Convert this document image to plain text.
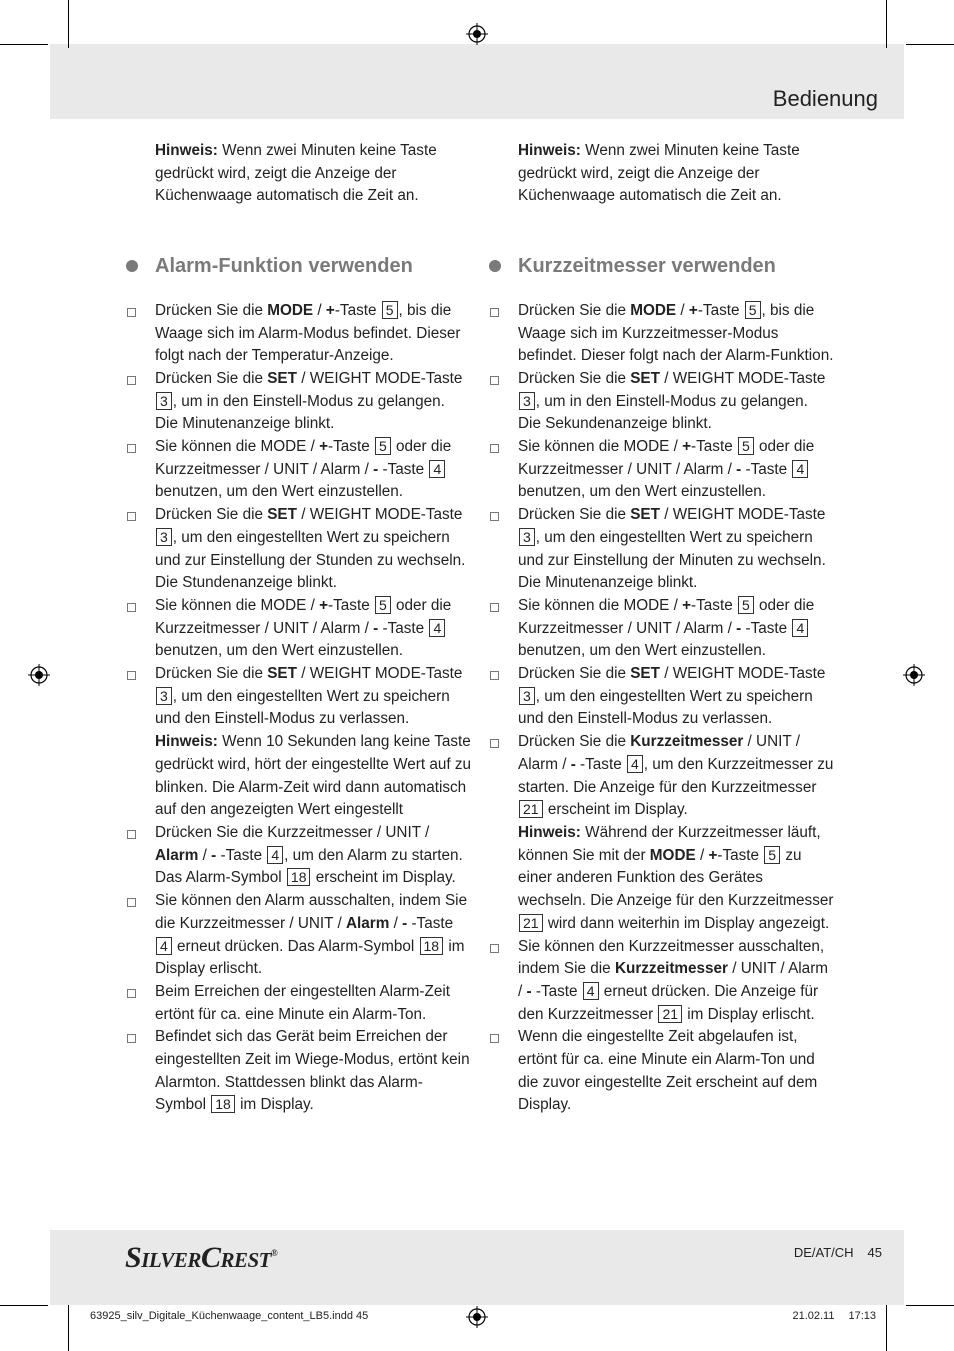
Bedienung

Hinweis: Wenn zwei Minuten keine Taste gedrückt wird, zeigt die Anzeige der Küchenwaage automatisch die Zeit an.

Alarm-Funktion verwenden
Drücken Sie die MODE / +-Taste 5 , bis die Waage sich im Alarm-Modus befindet. Dieser folgt nach der Temperatur-Anzeige.
Drücken Sie die SET / WEIGHT MODE-Taste 3 , um in den Einstell-Modus zu gelangen. Die Minutenanzeige blinkt.
Sie können die MODE / +-Taste 5 oder die Kurzzeitmesser / UNIT / Alarm / - -Taste 4 benutzen, um den Wert einzustellen.
Drücken Sie die SET / WEIGHT MODE-Taste 3 , um den eingestellten Wert zu speichern und zur Einstellung der Stunden zu wechseln. Die Stundenanzeige blinkt.
Sie können die MODE / +-Taste 5 oder die Kurzzeitmesser / UNIT / Alarm / - -Taste 4 benutzen, um den Wert einzustellen.
Drücken Sie die SET / WEIGHT MODE-Taste 3 , um den eingestellten Wert zu speichern und den Einstell-Modus zu verlassen.
Hinweis: Wenn 10 Sekunden lang keine Taste gedrückt wird, hört der eingestellte Wert auf zu blinken. Die Alarm-Zeit wird dann automatisch auf den angezeigten Wert eingestellt
Drücken Sie die Kurzzeitmesser / UNIT / Alarm / - -Taste 4 , um den Alarm zu starten. Das Alarm-Symbol 18 erscheint im Display.
Sie können den Alarm ausschalten, indem Sie die Kurzzeitmesser / UNIT / Alarm / - -Taste 4 erneut drücken. Das Alarm-Symbol 18 im Display erlischt.
Beim Erreichen der eingestellten Alarm-Zeit ertönt für ca. eine Minute ein Alarm-Ton.
Befindet sich das Gerät beim Erreichen der eingestellten Zeit im Wiege-Modus, ertönt kein Alarmton. Stattdessen blinkt das Alarm-Symbol 18 im Display.

Hinweis: Wenn zwei Minuten keine Taste gedrückt wird, zeigt die Anzeige der Küchenwaage automatisch die Zeit an.

Kurzzeitmesser verwenden
Drücken Sie die MODE / +-Taste 5 , bis die Waage sich im Kurzzeitmesser-Modus befindet. Dieser folgt nach der Alarm-Funktion.
Drücken Sie die SET / WEIGHT MODE-Taste 3 , um in den Einstell-Modus zu gelangen. Die Sekundenanzeige blinkt.
Sie können die MODE / +-Taste 5 oder die Kurzzeitmesser / UNIT / Alarm / - -Taste 4 benutzen, um den Wert einzustellen.
Drücken Sie die SET / WEIGHT MODE-Taste 3 , um den eingestellten Wert zu speichern und zur Einstellung der Minuten zu wechseln. Die Minutenanzeige blinkt.
Sie können die MODE / +-Taste 5 oder die Kurzzeitmesser / UNIT / Alarm / - -Taste 4 benutzen, um den Wert einzustellen.
Drücken Sie die SET / WEIGHT MODE-Taste 3 , um den eingestellten Wert zu speichern und den Einstell-Modus zu verlassen.
Drücken Sie die Kurzzeitmesser / UNIT / Alarm / - -Taste 4 , um den Kurzzeitmesser zu starten. Die Anzeige für den Kurzzeitmesser 21 erscheint im Display.
Hinweis: Während der Kurzzeitmesser läuft, können Sie mit der MODE / +-Taste 5 zu einer anderen Funktion des Gerätes wechseln. Die Anzeige für den Kurzzeitmesser 21 wird dann weiterhin im Display angezeigt.
Sie können den Kurzzeitmesser ausschalten, indem Sie die Kurzzeitmesser / UNIT / Alarm / - -Taste 4 erneut drücken. Die Anzeige für den Kurzzeitmesser 21 im Display erlischt.
Wenn die eingestellte Zeit abgelaufen ist, ertönt für ca. eine Minute ein Alarm-Ton und die zuvor eingestellte Zeit erscheint auf dem Display.
SILVERCREST®	DE/AT/CH 45
63925_silv_Digitale_Küchenwaage_content_LB5.indd 45	21.02.11 17:13
